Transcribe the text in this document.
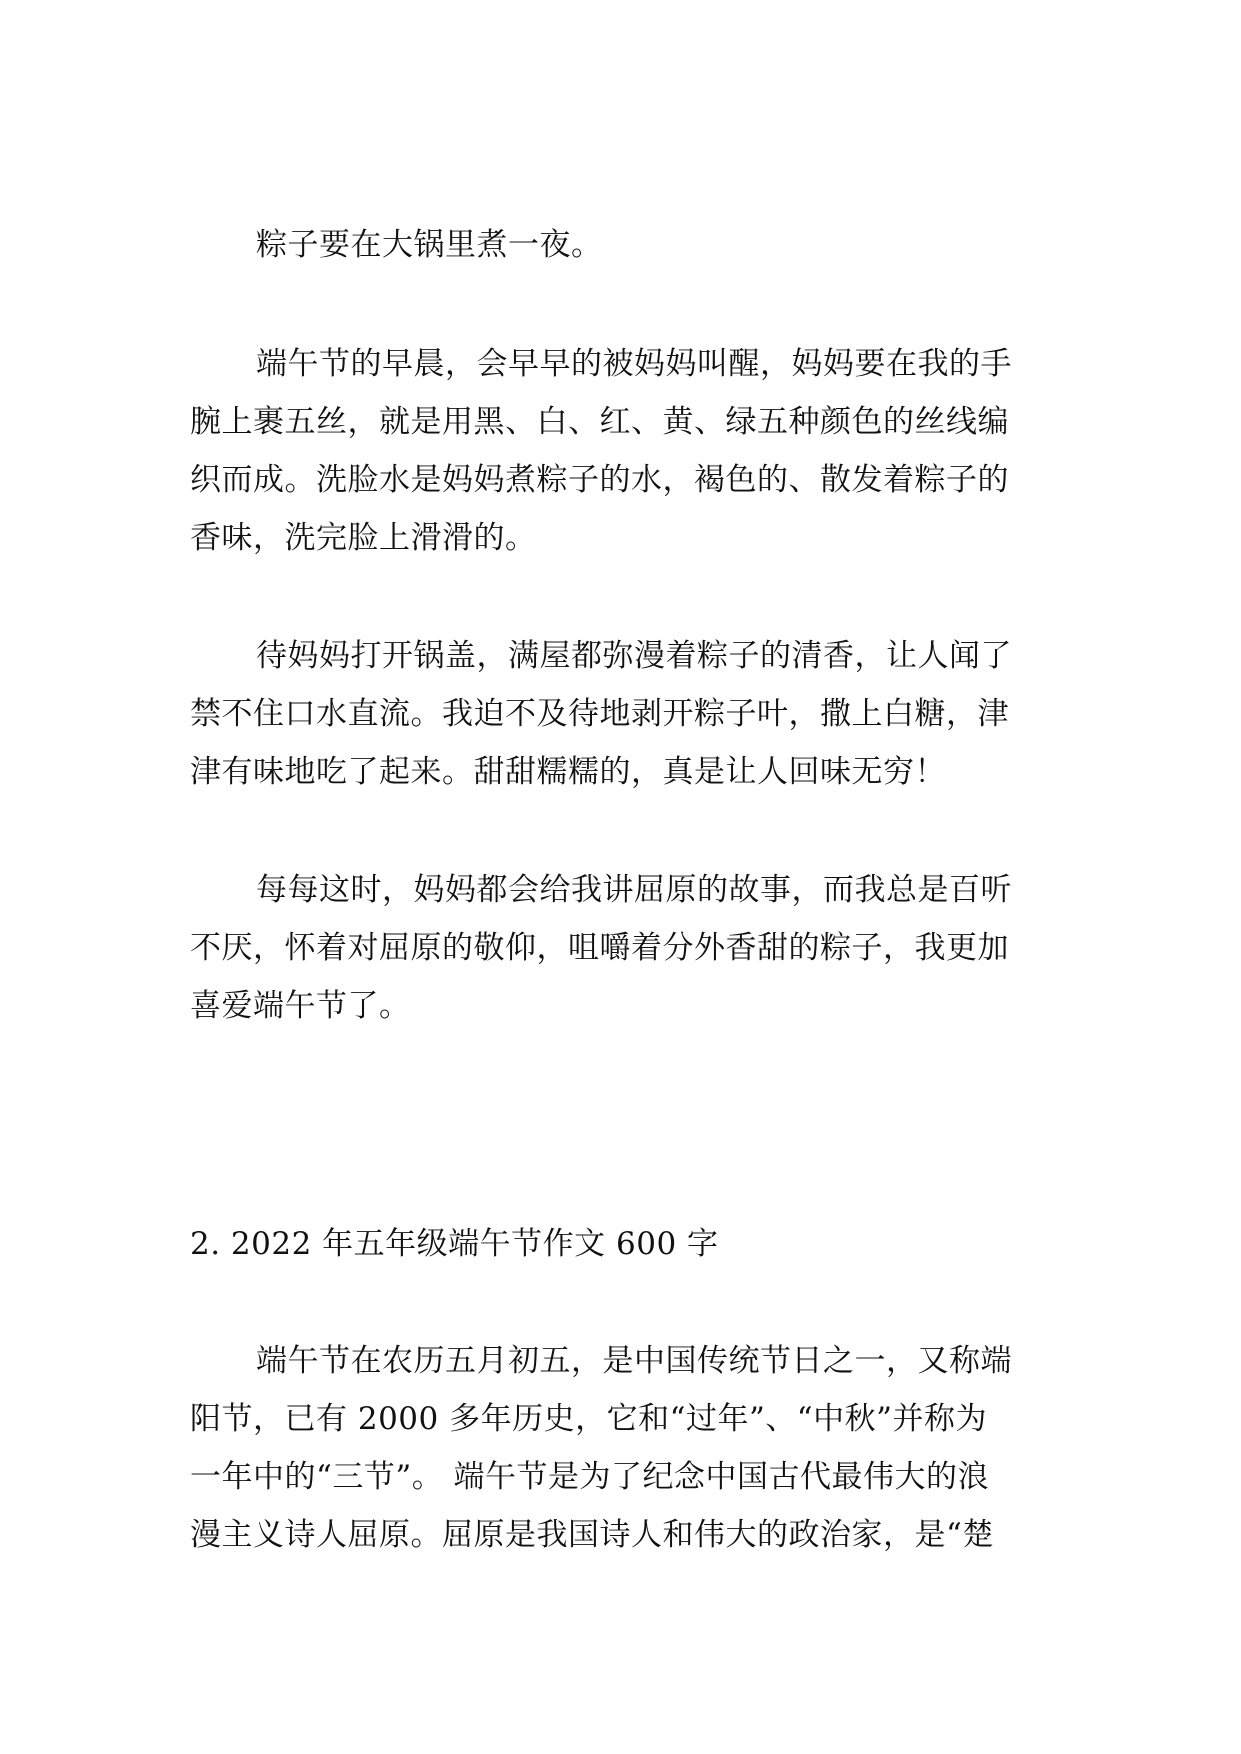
粽子要在大锅里煮一夜。
端午节的早晨，会早早的被妈妈叫醒，妈妈要在我的手
腕上裹五丝，就是用黑、白、红、黄、绿五种颜色的丝线编
织而成。洗脸水是妈妈煮粽子的水，褐色的、散发着粽子的
香味，洗完脸上滑滑的。
待妈妈打开锅盖，满屋都弥漫着粽子的清香，让人闻了
禁不住口水直流。我迫不及待地剥开粽子叶，撒上白糖，津
津有味地吃了起来。甜甜糯糯的，真是让人回味无穷！
每每这时，妈妈都会给我讲屈原的故事，而我总是百听
不厌，怀着对屈原的敬仰，咀嚼着分外香甜的粽子，我更加
喜爱端午节了。
2. 2022 年五年级端午节作文 600 字
端午节在农历五月初五，是中国传统节日之一，又称端
阳节，已有 2000 多年历史，它和“过年”、“中秋”并称为
一年中的“三节”。 端午节是为了纪念中国古代最伟大的浪
漫主义诗人屈原。屈原是我国诗人和伟大的政治家，是“楚
